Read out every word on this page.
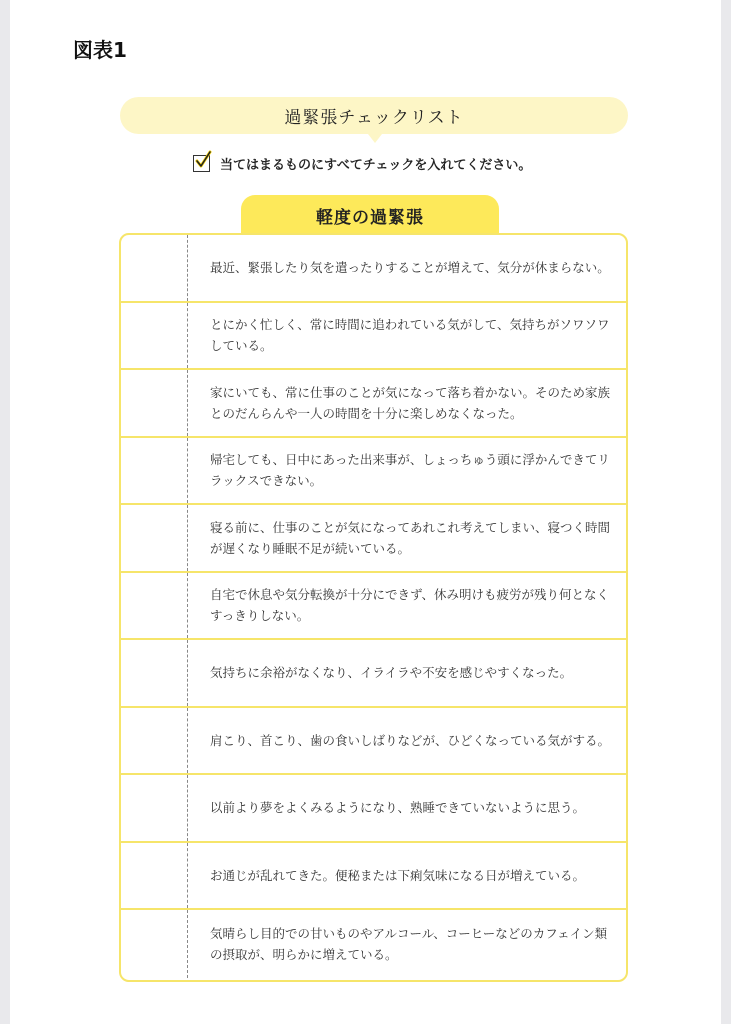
図表1
過緊張チェックリスト
当てはまるものにすべてチェックを入れてください。
軽度の過緊張
最近、緊張したり気を遣ったりすることが増えて、気分が休まらない。
とにかく忙しく、常に時間に追われている気がして、気持ちがソワソワしている。
家にいても、常に仕事のことが気になって落ち着かない。そのため家族とのだんらんや一人の時間を十分に楽しめなくなった。
帰宅しても、日中にあった出来事が、しょっちゅう頭に浮かんできてリラックスできない。
寝る前に、仕事のことが気になってあれこれ考えてしまい、寝つく時間が遅くなり睡眠不足が続いている。
自宅で休息や気分転換が十分にできず、休み明けも疲労が残り何となくすっきりしない。
気持ちに余裕がなくなり、イライラや不安を感じやすくなった。
肩こり、首こり、歯の食いしばりなどが、ひどくなっている気がする。
以前より夢をよくみるようになり、熟睡できていないように思う。
お通じが乱れてきた。便秘または下痢気味になる日が増えている。
気晴らし目的での甘いものやアルコール、コーヒーなどのカフェイン類の摂取が、明らかに増えている。
